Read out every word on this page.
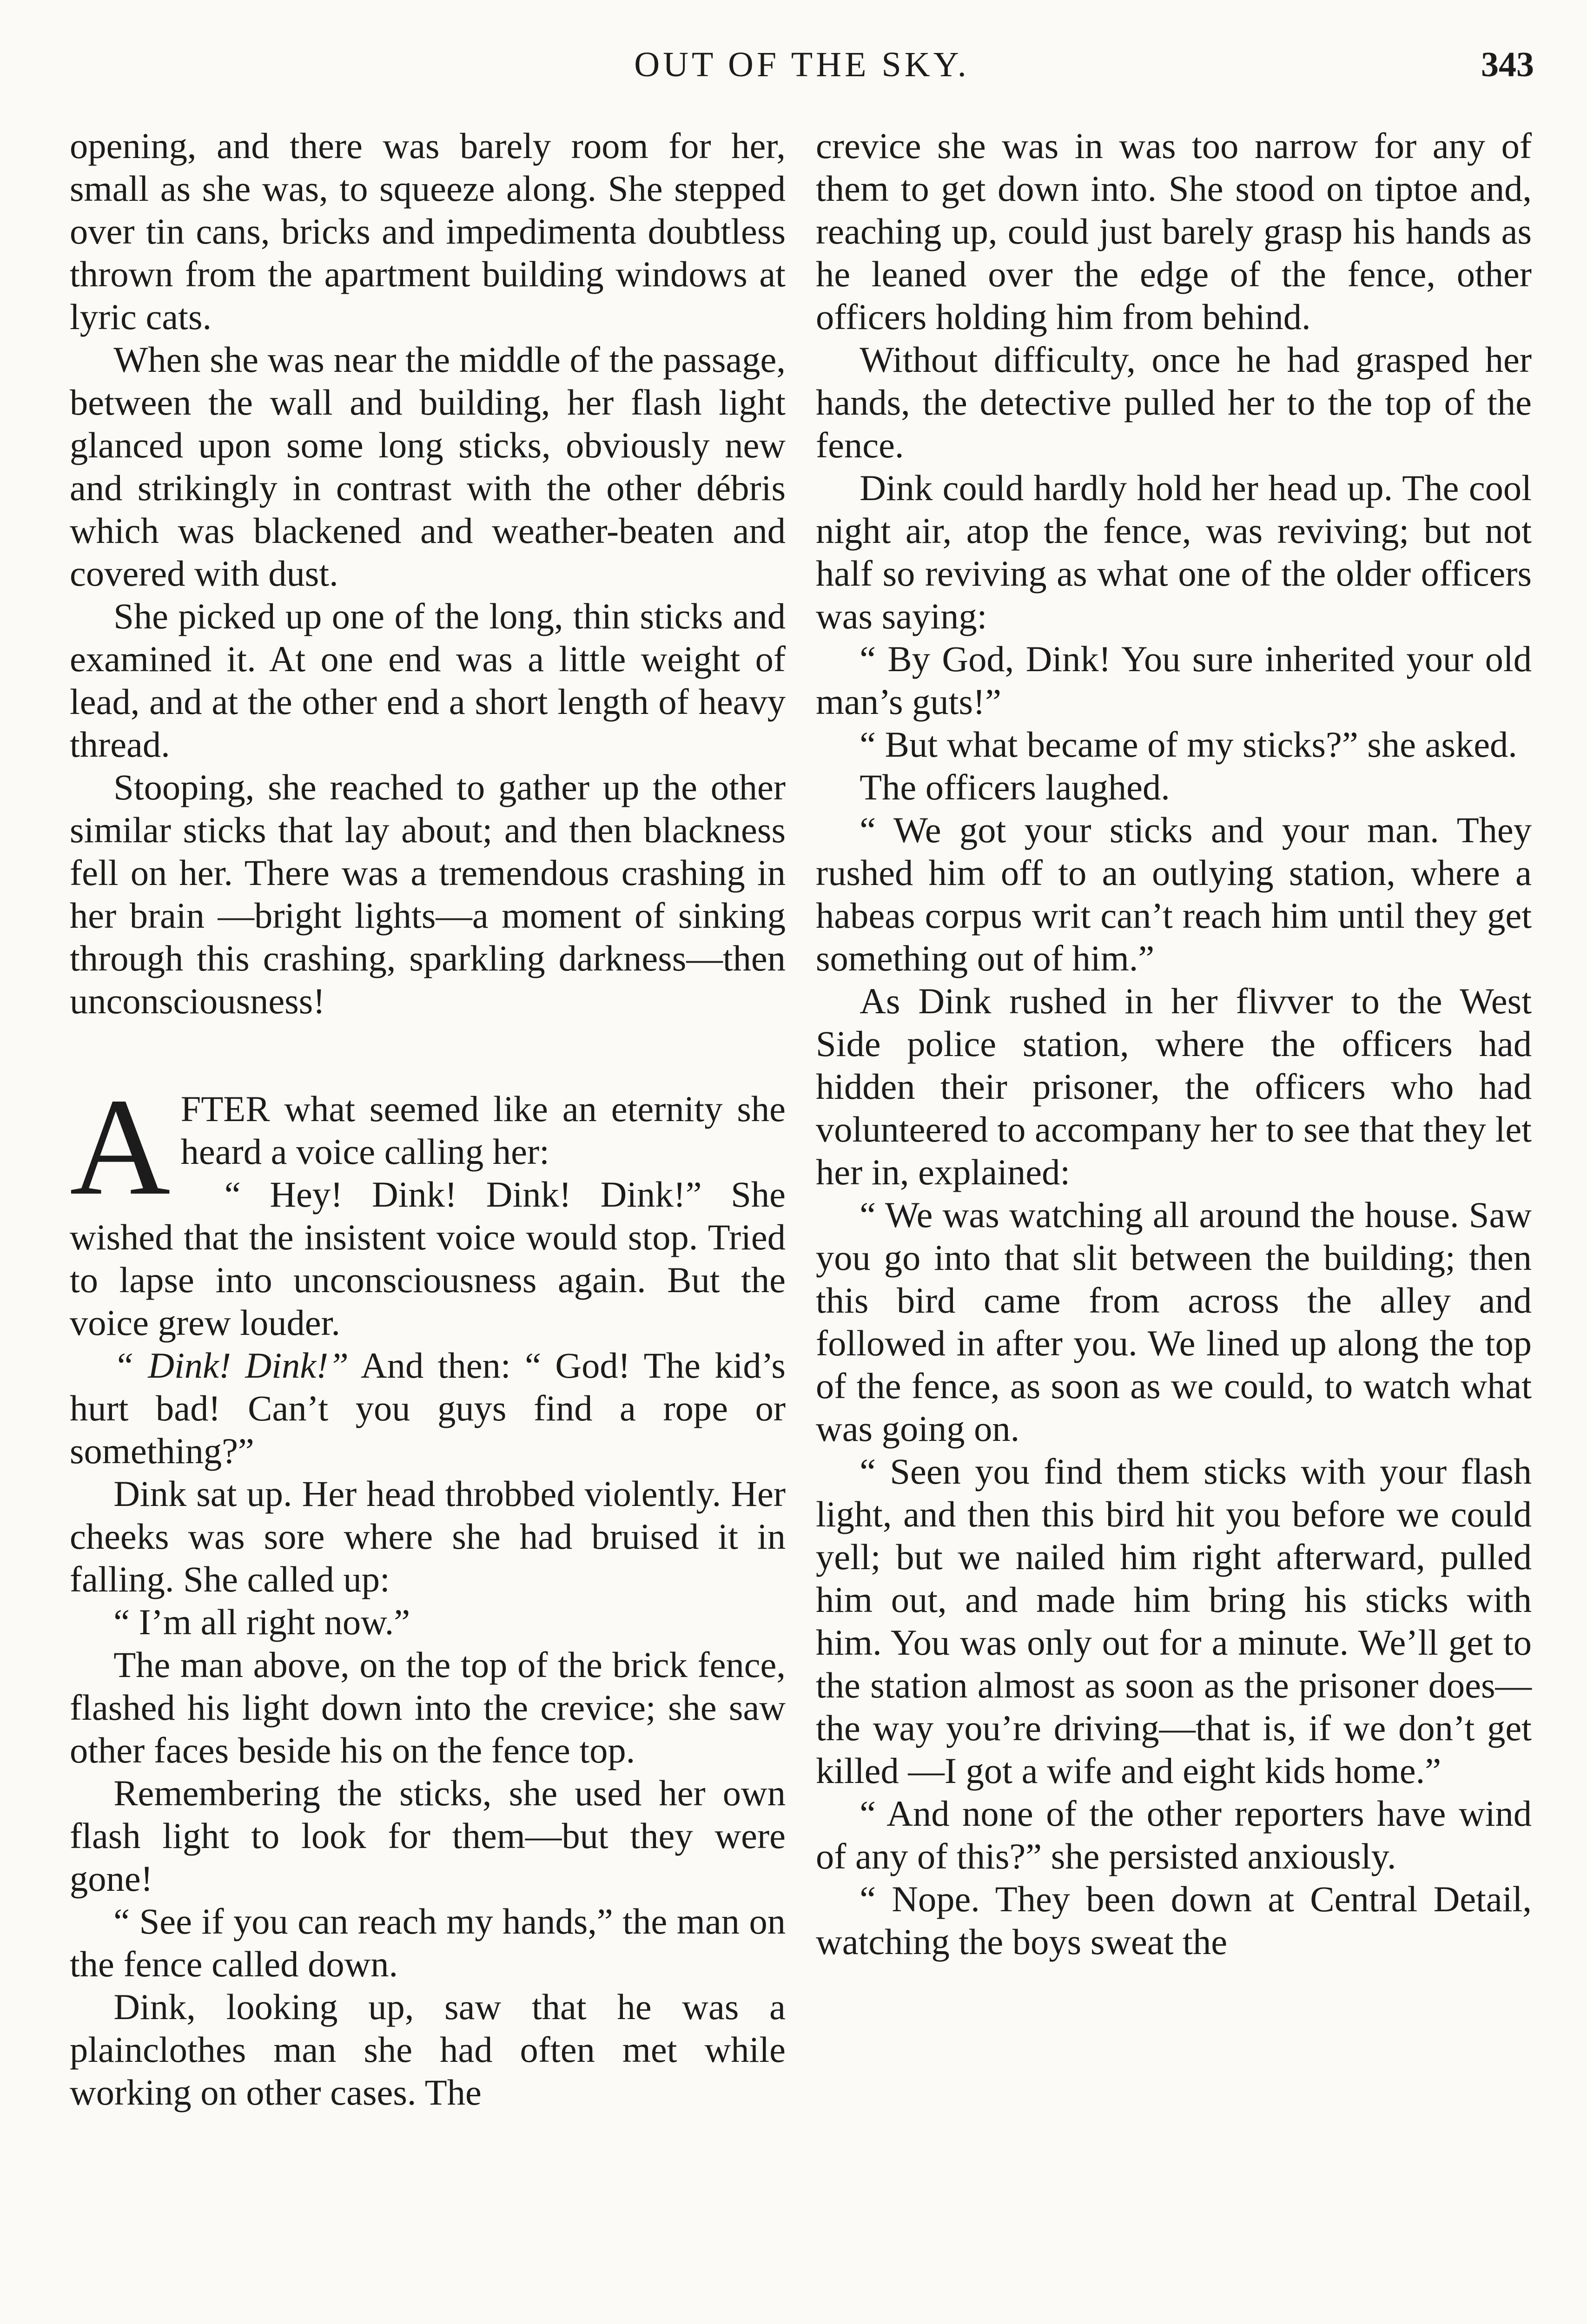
OUT OF THE SKY.	343

opening, and there was barely room for her, small as she was, to squeeze along. She stepped over tin cans, bricks and impedimenta doubtless thrown from the apartment building windows at lyric cats.

When she was near the middle of the passage, between the wall and building, her flash light glanced upon some long sticks, obviously new and strikingly in contrast with the other débris which was blackened and weather-beaten and covered with dust.

She picked up one of the long, thin sticks and examined it. At one end was a little weight of lead, and at the other end a short length of heavy thread.

Stooping, she reached to gather up the other similar sticks that lay about; and then blackness fell on her. There was a tremendous crashing in her brain —bright lights—a moment of sinking through this crashing, sparkling darkness—then unconsciousness!

AFTER what seemed like an eternity she heard a voice calling her:

“ Hey! Dink! Dink! Dink!” She wished that the insistent voice would stop. Tried to lapse into unconsciousness again. But the voice grew louder.

“ Dink! Dink!” And then: “ God! The kid’s hurt bad! Can’t you guys find a rope or something?”

Dink sat up. Her head throbbed violently. Her cheeks was sore where she had bruised it in falling. She called up:

“ I’m all right now.”

The man above, on the top of the brick fence, flashed his light down into the crevice; she saw other faces beside his on the fence top.

Remembering the sticks, she used her own flash light to look for them—but they were gone!

“ See if you can reach my hands,” the man on the fence called down.

Dink, looking up, saw that he was a plainclothes man she had often met while working on other cases. The

crevice she was in was too narrow for any of them to get down into. She stood on tiptoe and, reaching up, could just barely grasp his hands as he leaned over the edge of the fence, other officers holding him from behind.

Without difficulty, once he had grasped her hands, the detective pulled her to the top of the fence.

Dink could hardly hold her head up. The cool night air, atop the fence, was reviving; but not half so reviving as what one of the older officers was saying:

“ By God, Dink! You sure inherited your old man’s guts!”

“ But what became of my sticks?” she asked.

The officers laughed.

“ We got your sticks and your man. They rushed him off to an outlying station, where a habeas corpus writ can’t reach him until they get something out of him.”

As Dink rushed in her flivver to the West Side police station, where the officers had hidden their prisoner, the officers who had volunteered to accompany her to see that they let her in, explained:

“ We was watching all around the house. Saw you go into that slit between the building; then this bird came from across the alley and followed in after you. We lined up along the top of the fence, as soon as we could, to watch what was going on.

“ Seen you find them sticks with your flash light, and then this bird hit you before we could yell; but we nailed him right afterward, pulled him out, and made him bring his sticks with him. You was only out for a minute. We’ll get to the station almost as soon as the prisoner does—the way you’re driving—that is, if we don’t get killed —I got a wife and eight kids home.”

“ And none of the other reporters have wind of any of this?” she persisted anxiously.

“ Nope. They been down at Central Detail, watching the boys sweat the
